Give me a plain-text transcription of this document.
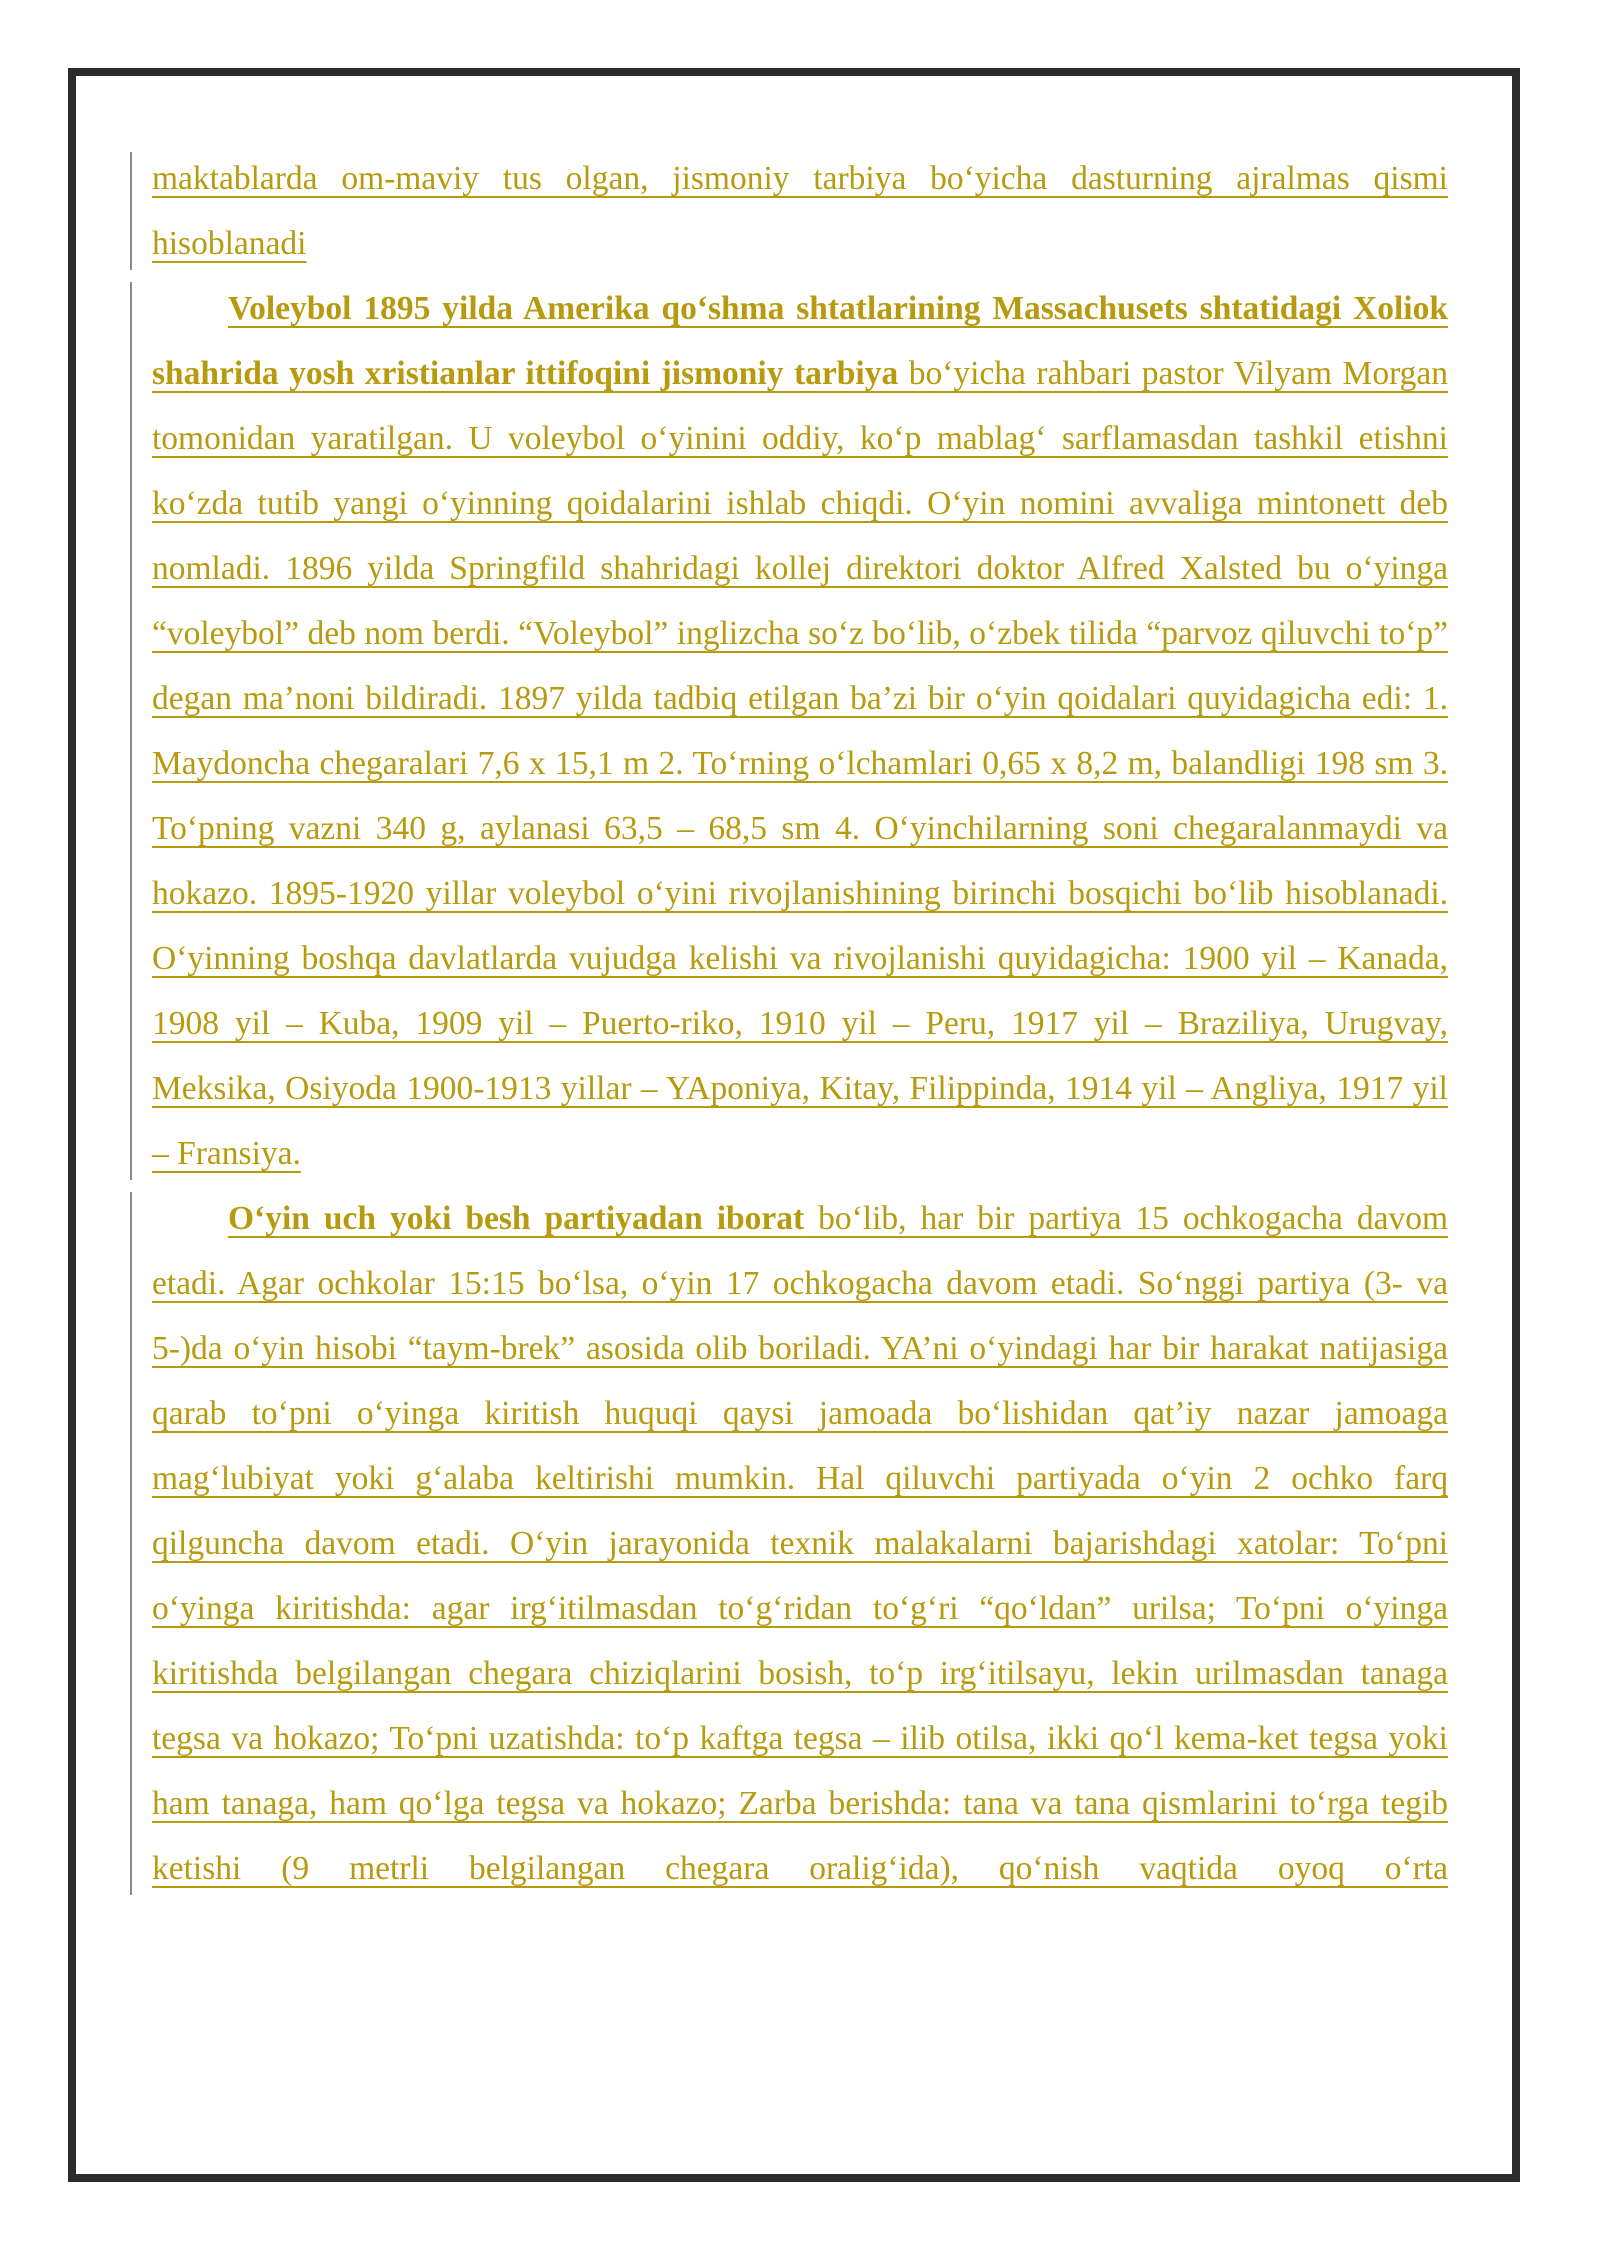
maktablarda om-maviy tus olgan, jismoniy tarbiya bo‘yicha dasturning ajralmas qismi hisoblanadi

Voleybol 1895 yilda Amerika qo‘shma shtatlarining Massachusets shtatidagi Xoliok shahrida yosh xristianlar ittifoqini jismoniy tarbiya bo‘yicha rahbari pastor Vilyam Morgan tomonidan yaratilgan. U voleybol o‘yinini oddiy, ko‘p mablag‘ sarflamasdan tashkil etishni ko‘zda tutib yangi o‘yinning qoidalarini ishlab chiqdi. O‘yin nomini avvaliga mintonett deb nomladi. 1896 yilda Springfild shahridagi kollej direktori doktor Alfred Xalsted bu o‘yinga “voleybol” deb nom berdi. “Voleybol” inglizcha so‘z bo‘lib, o‘zbek tilida “parvoz qiluvchi to‘p” degan ma’noni bildiradi. 1897 yilda tadbiq etilgan ba’zi bir o‘yin qoidalari quyidagicha edi: 1. Maydoncha chegaralari 7,6 x 15,1 m 2. To‘rning o‘lchamlari 0,65 x 8,2 m, balandligi 198 sm 3. To‘pning vazni 340 g, aylanasi 63,5 – 68,5 sm 4. O‘yinchilarning soni chegaralanmaydi va hokazo. 1895-1920 yillar voleybol o‘yini rivojlanishining birinchi bosqichi bo‘lib hisoblanadi. O‘yinning boshqa davlatlarda vujudga kelishi va rivojlanishi quyidagicha: 1900 yil – Kanada, 1908 yil – Kuba, 1909 yil – Puerto-riko, 1910 yil – Peru, 1917 yil – Braziliya, Urugvay, Meksika, Osiyoda 1900-1913 yillar – YAponiya, Kitay, Filippinda, 1914 yil – Angliya, 1917 yil – Fransiya.

O‘yin uch yoki besh partiyadan iborat bo‘lib, har bir partiya 15 ochkogacha davom etadi. Agar ochkolar 15:15 bo‘lsa, o‘yin 17 ochkogacha davom etadi. So‘nggi partiya (3- va 5-)da o‘yin hisobi “taym-brek” asosida olib boriladi. YA’ni o‘yindagi har bir harakat natijasiga qarab to‘pni o‘yinga kiritish huquqi qaysi jamoada bo‘lishidan qat’iy nazar jamoaga mag‘lubiyat yoki g‘alaba keltirishi mumkin. Hal qiluvchi partiyada o‘yin 2 ochko farq qilguncha davom etadi. O‘yin jarayonida texnik malakalarni bajarishdagi xatolar: To‘pni o‘yinga kiritishda: agar irg‘itilmasdan to‘g‘ridan to‘g‘ri “qo‘ldan” urilsa; To‘pni o‘yinga kiritishda belgilangan chegara chiziqlarini bosish, to‘p irg‘itilsayu, lekin urilmasdan tanaga tegsa va hokazo; To‘pni uzatishda: to‘p kaftga tegsa – ilib otilsa, ikki qo‘l kema-ket tegsa yoki ham tanaga, ham qo‘lga tegsa va hokazo; Zarba berishda: tana va tana qismlarini to‘rga tegib ketishi (9 metrli belgilangan chegara oralig‘ida), qo‘nish vaqtida oyoq o‘rta
